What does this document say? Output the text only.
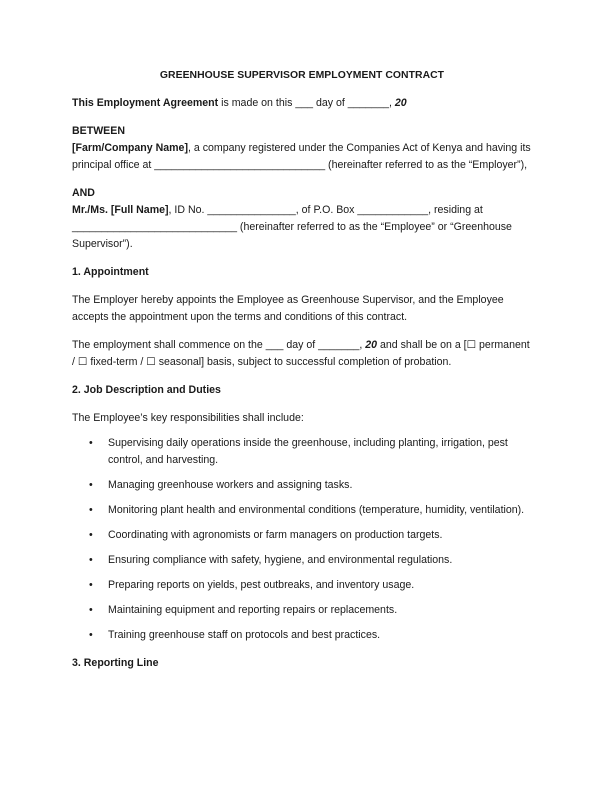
GREENHOUSE SUPERVISOR EMPLOYMENT CONTRACT

This Employment Agreement is made on this ___ day of _______, 20

BETWEEN

[Farm/Company Name], a company registered under the Companies Act of Kenya and having its principal office at _____________________________ (hereinafter referred to as the “Employer”),

AND

Mr./Ms. [Full Name], ID No. _______________, of P.O. Box ____________, residing at ____________________________ (hereinafter referred to as the “Employee” or “Greenhouse Supervisor”).

1. Appointment

The Employer hereby appoints the Employee as Greenhouse Supervisor, and the Employee accepts the appointment upon the terms and conditions of this contract.

The employment shall commence on the ___ day of _______, 20 and shall be on a [☐ permanent / ☐ fixed-term / ☐ seasonal] basis, subject to successful completion of probation.

2. Job Description and Duties

The Employee’s key responsibilities shall include:

• Supervising daily operations inside the greenhouse, including planting, irrigation, pest control, and harvesting.
• Managing greenhouse workers and assigning tasks.
• Monitoring plant health and environmental conditions (temperature, humidity, ventilation).
• Coordinating with agronomists or farm managers on production targets.
• Ensuring compliance with safety, hygiene, and environmental regulations.
• Preparing reports on yields, pest outbreaks, and inventory usage.
• Maintaining equipment and reporting repairs or replacements.
• Training greenhouse staff on protocols and best practices.
3. Reporting Line
